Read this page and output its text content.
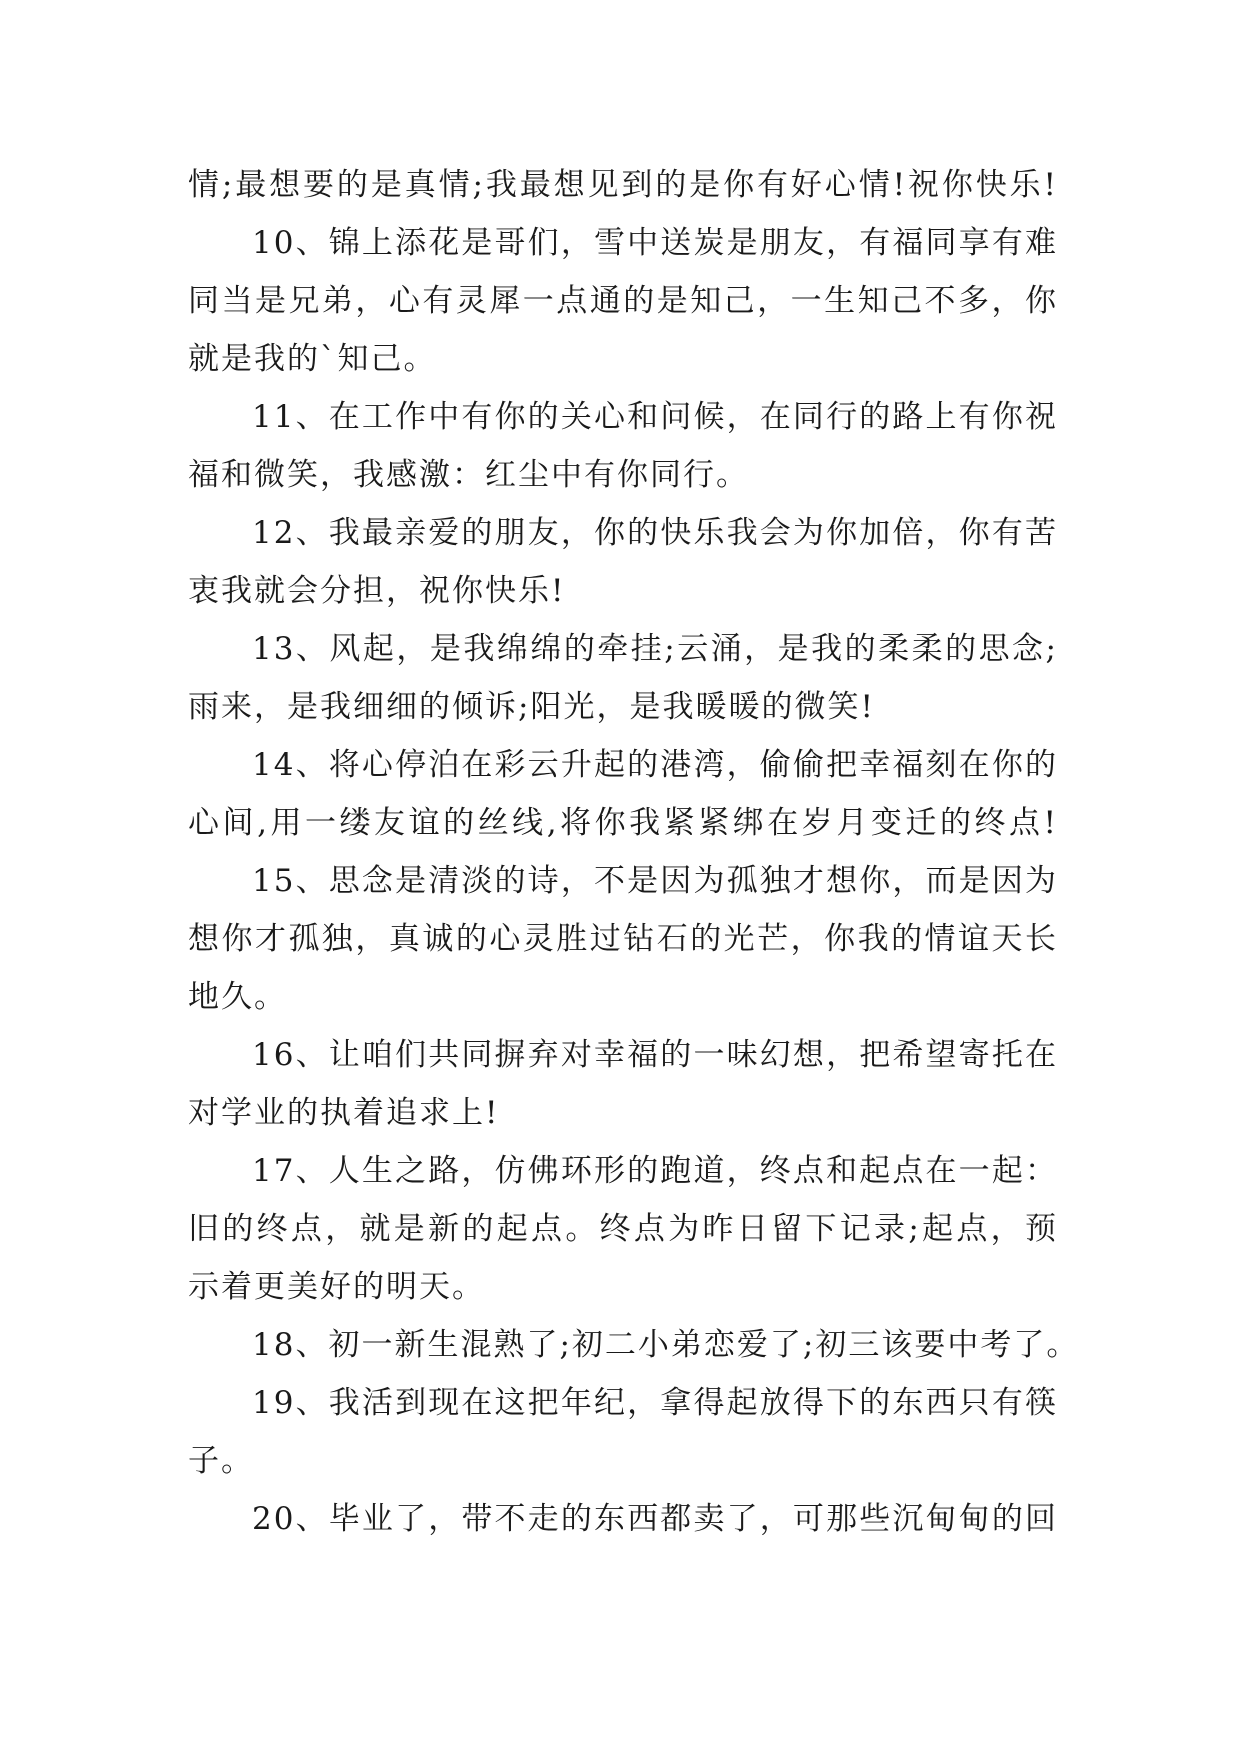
情;最想要的是真情;我最想见到的是你有好心情!祝你快乐!
10、锦上添花是哥们，雪中送炭是朋友，有福同享有难
同当是兄弟，心有灵犀一点通的是知己，一生知己不多，你
就是我的`知己。
11、在工作中有你的关心和问候，在同行的路上有你祝
福和微笑，我感激：红尘中有你同行。
12、我最亲爱的朋友，你的快乐我会为你加倍，你有苦
衷我就会分担，祝你快乐!
13、风起，是我绵绵的牵挂;云涌，是我的柔柔的思念;
雨来，是我细细的倾诉;阳光，是我暖暖的微笑!
14、将心停泊在彩云升起的港湾，偷偷把幸福刻在你的
心间,用一缕友谊的丝线,将你我紧紧绑在岁月变迁的终点!
15、思念是清淡的诗，不是因为孤独才想你，而是因为
想你才孤独，真诚的心灵胜过钻石的光芒，你我的情谊天长
地久。
16、让咱们共同摒弃对幸福的一味幻想，把希望寄托在
对学业的执着追求上!
17、人生之路，仿佛环形的跑道，终点和起点在一起：
旧的终点，就是新的起点。终点为昨日留下记录;起点，预
示着更美好的明天。
18、初一新生混熟了;初二小弟恋爱了;初三该要中考了。
19、我活到现在这把年纪，拿得起放得下的东西只有筷
子。
20、毕业了，带不走的东西都卖了，可那些沉甸甸的回
